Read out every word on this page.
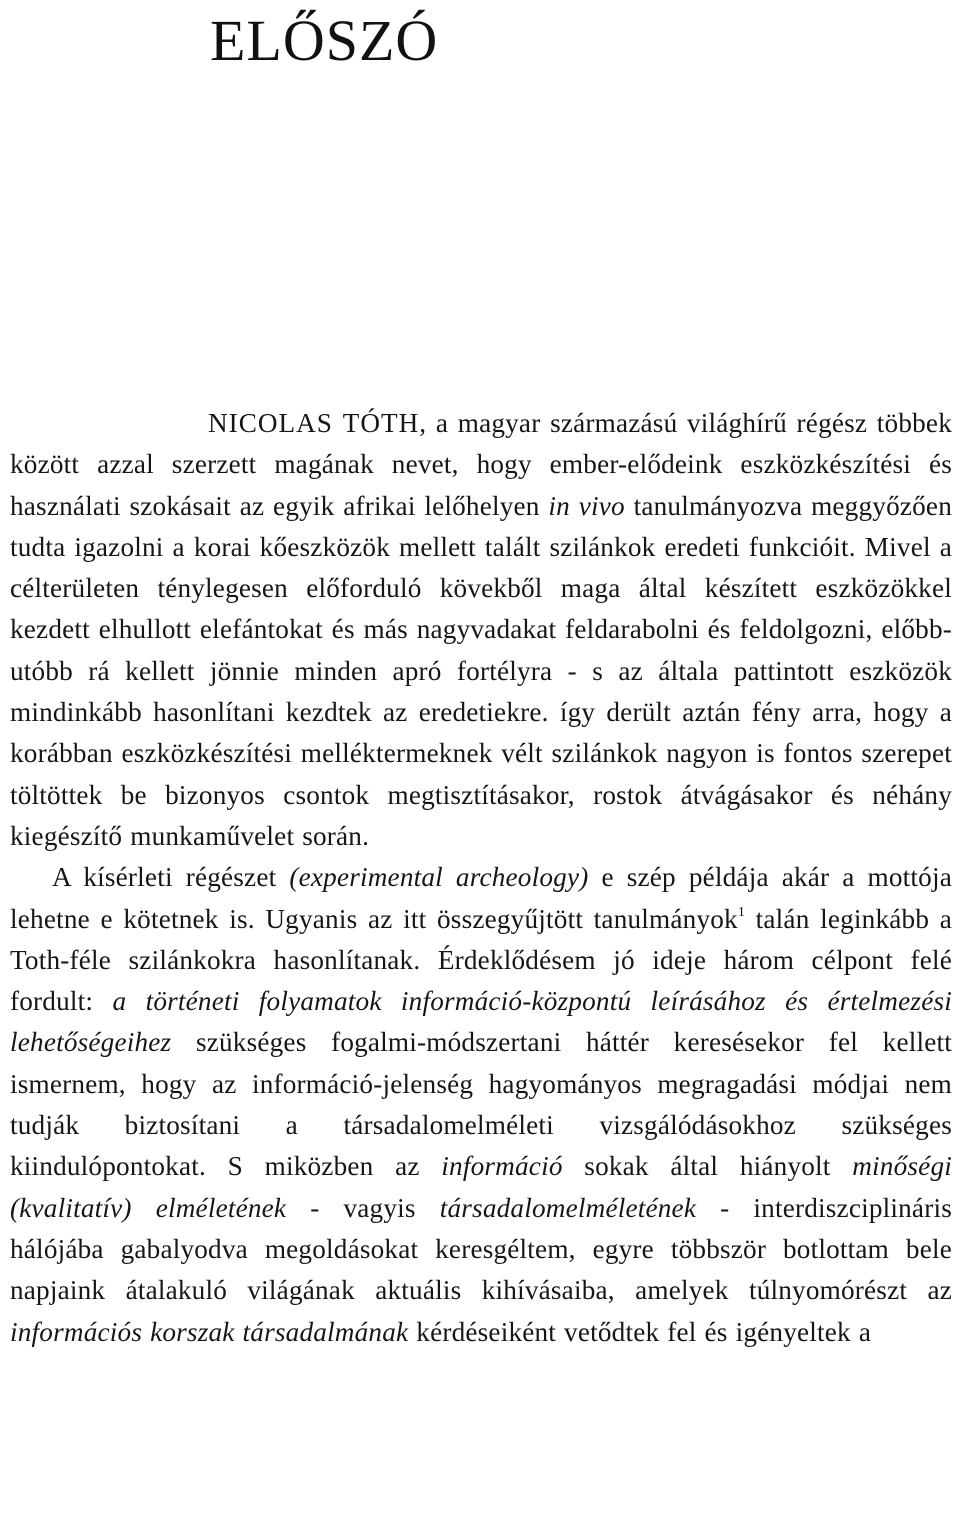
ELŐSZÓ

NICOLAS TÓTH, a magyar származású világhírű régész többek között azzal szerzett magának nevet, hogy ember-elődeink eszközkészítési és használati szokásait az egyik afrikai lelőhelyen in vivo tanulmányozva meggyőzően tudta igazolni a korai kőeszközök mellett talált szilánkok eredeti funkcióit. Mivel a célterületen ténylegesen előforduló kövekből maga által készített eszközökkel kezdett elhullott elefántokat és más nagyvadakat feldarabolni és feldolgozni, előbb-utóbb rá kellett jönnie minden apró fortélyra - s az általa pattintott eszközök mindinkább hasonlítani kezdtek az eredetiekre. így derült aztán fény arra, hogy a korábban eszközkészítési melléktermeknek vélt szilánkok nagyon is fontos szerepet töltöttek be bizonyos csontok megtisztításakor, rostok átvágásakor és néhány kiegészítő munkaművelet során.

A kísérleti régészet (experimental archeology) e szép példája akár a mottója lehetne e kötetnek is. Ugyanis az itt összegyűjtött tanulmányok$^1$ talán leginkább a Toth-féle szilánkokra hasonlítanak. Érdeklődésem jó ideje három célpont felé fordult: a történeti folyamatok információ-központú leírásához és értelmezési lehetőségeihez szükséges fogalmi-módszertani háttér keresésekor fel kellett ismernem, hogy az információ-jelenség hagyományos megragadási módjai nem tudják biztosítani a társadalomelméleti vizsgálódásokhoz szükséges kiindulópontokat. S miközben az információ sokak által hiányolt minőségi (kvalitatív) elméletének - vagyis társadalomelméletének - interdiszciplináris hálójába gabalyodva megoldásokat keresgéltem, egyre többször botlottam bele napjaink átalakuló világának aktuális kihívásaiba, amelyek túlnyomórészt az információs korszak társadalmának kérdéseiként vetődtek fel és igényeltek a
